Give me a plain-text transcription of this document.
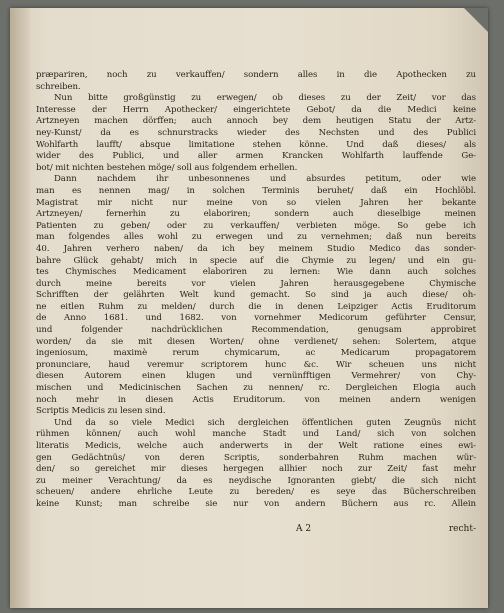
præpariren, noch zu verkauffen/ sondern alles in die Apothecken zu
schreiben.
Nun bitte großgünstig zu erwegen/ ob dieses zu der Zeit/ vor das
Interesse der Herrn Apothecker/ eingerichtete Gebot/ da die Medici keine
Artzneyen machen dörffen; auch annoch bey dem heutigen Statu der Artz-
ney-Kunst/ da es schnurstracks wieder des Nechsten und des Publici
Wohlfarth laufft/ absque limitatione stehen könne. Und daß dieses/ als
wider des Publici, und aller armen Krancken Wohlfarth lauffende Ge-
bot/ mit nichten bestehen möge/ soll aus folgendem erhellen.
Dann nachdem ihr unbesonnenes und absurdes petitum, oder wie
man es nennen mag/ in solchen Terminis beruhet/ daß ein Hochlöbl.
Magistrat mir nicht nur meine von so vielen Jahren her bekante
Artzneyen/ fernerhin zu elaboriren; sondern auch dieselbige meinen
Patienten zu geben/ oder zu verkauffen/ verbieten möge. So gebe ich
man folgendes alles wohl zu erwegen und zu vernehmen; daß nun bereits
40. Jahren verhero naben/ da ich bey meinem Studio Medico das sonder-
bahre Glück gehabt/ mich in specie auf die Chymie zu legen/ und ein gu-
tes Chymisches Medicament elaboriren zu lernen: Wie dann auch solches
durch meine bereits vor vielen Jahren herausgegebene Chymische
Schrifften der gelährten Welt kund gemacht. So sind ja auch diese/ oh-
ne eitlen Ruhm zu melden/ durch die in denen Leipziger Actis Eruditorum
de Anno 1681. und 1682. von vornehmer Medicorum geführter Censur,
und folgender nachdrücklichen Recommendation, genugsam approbiret
worden/ da sie mit diesen Worten/ ohne verdienet/ sehen: Solertem, atque
ingeniosum, maximè rerum chymicarum, ac Medicarum propagatorem
pronunciare, haud veremur scriptorem hunc &c. Wir scheuen uns nicht
diesen Autorem einen klugen und vernünfftigen Vermehrer/ von Chy-
mischen und Medicinischen Sachen zu nennen/ rc. Dergleichen Elogia auch
noch mehr in diesen Actis Eruditorum. von meinen andern wenigen
Scriptis Medicis zu lesen sind.
Und da so viele Medici sich dergleichen öffentlichen guten Zeugnüs nicht
rühmen können/ auch wohl manche Stadt und Land/ sich von solchen
literatis Medicis, welche auch anderwerts in der Welt ratione eines ewi-
gen Gedächtnüs/ von deren Scriptis, sonderbahren Ruhm machen wür-
den/ so gereichet mir dieses hergegen allhier noch zur Zeit/ fast mehr
zu meiner Verachtung/ da es neydische Ignoranten giebt/ die sich nicht
scheuen/ andere ehrliche Leute zu bereden/ es seye das Bücherschreiben
keine Kunst; man schreibe sie nur von andern Büchern aus rc. Allein
A 2	recht-
